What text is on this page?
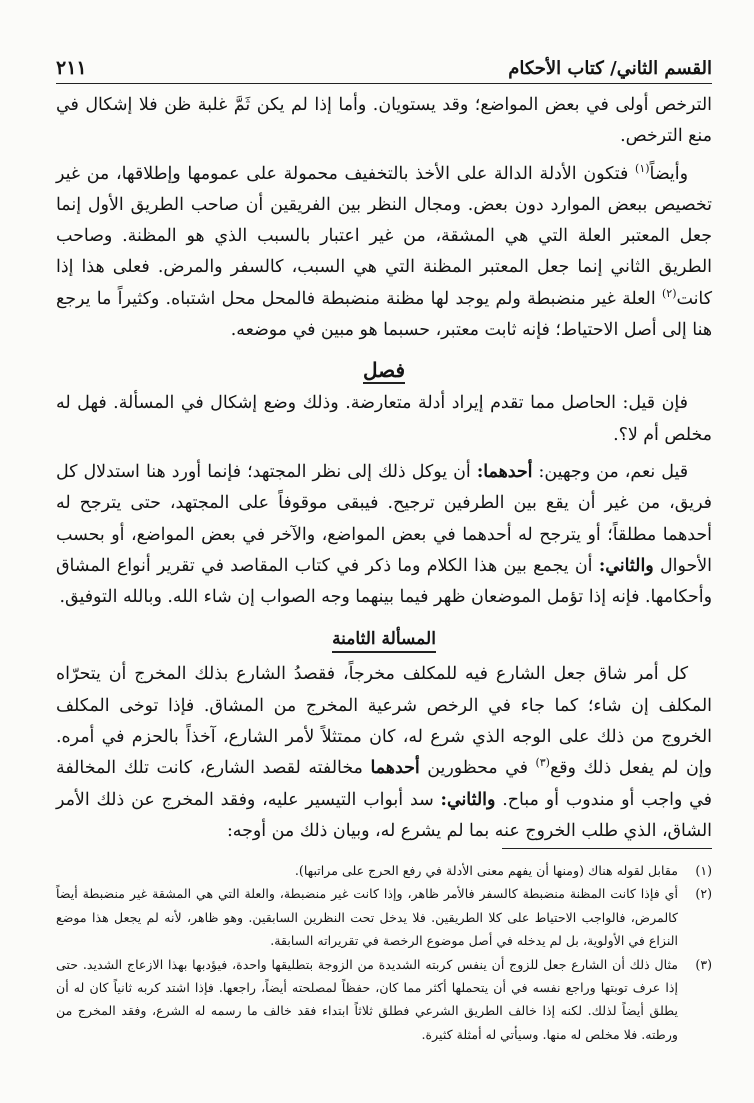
القسم الثاني/ كتاب الأحكام
٢١١

الترخص أولى في بعض المواضع؛ وقد يستويان. وأما إذا لم يكن ثَمَّ غلبة ظن فلا إشكال في منع الترخص.

وأيضاً$^{(١)}$ فتكون الأدلة الدالة على الأخذ بالتخفيف محمولة على عمومها وإطلاقها، من غير تخصيص ببعض الموارد دون بعض. ومجال النظر بين الفريقين أن صاحب الطريق الأول إنما جعل المعتبر العلة التي هي المشقة، من غير اعتبار بالسبب الذي هو المظنة. وصاحب الطريق الثاني إنما جعل المعتبر المظنة التي هي السبب، كالسفر والمرض. فعلى هذا إذا كانت$^{(٢)}$ العلة غير منضبطة ولم يوجد لها مظنة منضبطة فالمحل محل اشتباه. وكثيراً ما يرجع هنا إلى أصل الاحتياط؛ فإنه ثابت معتبر، حسبما هو مبين في موضعه.

فصل

فإن قيل: الحاصل مما تقدم إيراد أدلة متعارضة. وذلك وضع إشكال في المسألة. فهل له مخلص أم لا؟.

قيل نعم، من وجهين: أحدهما: أن يوكل ذلك إلى نظر المجتهد؛ فإنما أورد هنا استدلال كل فريق، من غير أن يقع بين الطرفين ترجيح. فيبقى موقوفاً على المجتهد، حتى يترجح له أحدهما مطلقاً؛ أو يترجح له أحدهما في بعض المواضع، والآخر في بعض المواضع، أو بحسب الأحوال والثاني: أن يجمع بين هذا الكلام وما ذكر في كتاب المقاصد في تقرير أنواع المشاق وأحكامها. فإنه إذا تؤمل الموضعان ظهر فيما بينهما وجه الصواب إن شاء الله. وبالله التوفيق.

المسألة الثامنة

كل أمر شاق جعل الشارع فيه للمكلف مخرجاً، فقصدُ الشارع بذلك المخرج أن يتحرّاه المكلف إن شاء؛ كما جاء في الرخص شرعية المخرج من المشاق. فإذا توخى المكلف الخروج من ذلك على الوجه الذي شرع له، كان ممتثلاً لأمر الشارع، آخذاً بالحزم في أمره. وإن لم يفعل ذلك وقع$^{(٣)}$ في محظورين أحدهما مخالفته لقصد الشارع، كانت تلك المخالفة في واجب أو مندوب أو مباح. والثاني: سد أبواب التيسير عليه، وفقد المخرج عن ذلك الأمر الشاق، الذي طلب الخروج عنه بما لم يشرع له، وبيان ذلك من أوجه:

(١)
مقابل لقوله هناك (ومنها أن يفهم معنى الأدلة في رفع الحرج على مراتبها).
(٢)
أي فإذا كانت المظنة منضبطة كالسفر فالأمر ظاهر، وإذا كانت غير منضبطة، والعلة التي هي المشقة غير منضبطة أيضاً كالمرض، فالواجب الاحتياط على كلا الطريقين. فلا يدخل تحت النظرين السابقين. وهو ظاهر، لأنه لم يجعل هذا موضع النزاع في الأولوية، بل لم يدخله في أصل موضوع الرخصة في تقريراته السابقة.
(٣)
مثال ذلك أن الشارع جعل للزوج أن ينفس كربته الشديدة من الزوجة بتطليقها واحدة، فيؤدبها بهذا الازعاج الشديد. حتى إذا عرف توبتها وراجع نفسه في أن يتحملها أكثر مما كان، حفظاً لمصلحته أيضاً، راجعها. فإذا اشتد كربه ثانياً كان له أن يطلق أيضاً لذلك. لكنه إذا خالف الطريق الشرعي فطلق ثلاثاً ابتداء فقد خالف ما رسمه له الشرع، وفقد المخرج من ورطته. فلا مخلص له منها. وسيأتي له أمثلة كثيرة.
